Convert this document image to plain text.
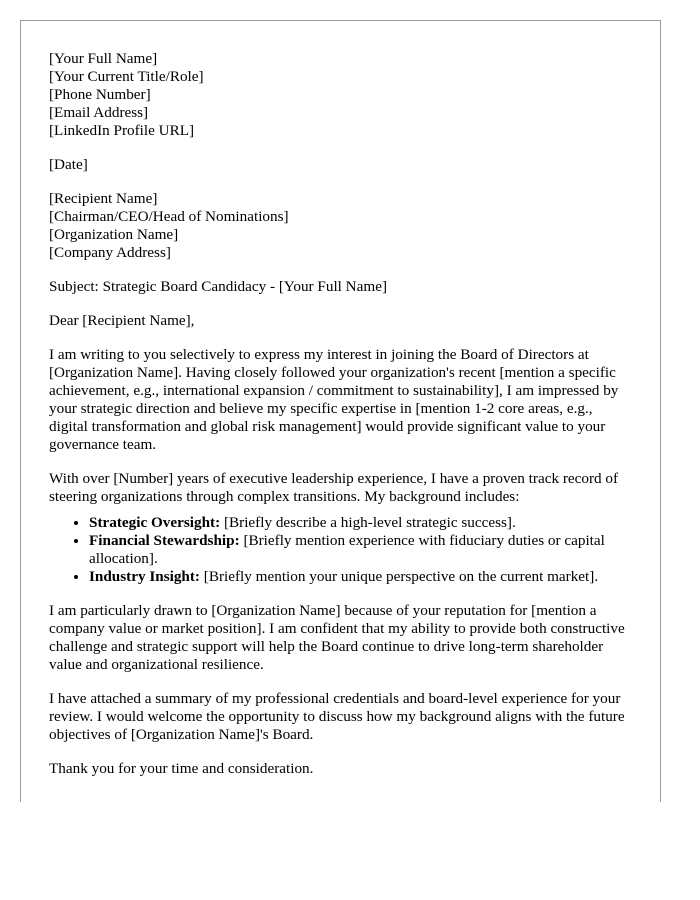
[Your Full Name]
[Your Current Title/Role]
[Phone Number]
[Email Address]
[LinkedIn Profile URL]

[Date]

[Recipient Name]
[Chairman/CEO/Head of Nominations]
[Organization Name]
[Company Address]

Subject: Strategic Board Candidacy - [Your Full Name]

Dear [Recipient Name],

I am writing to you selectively to express my interest in joining the Board of Directors at [Organization Name]. Having closely followed your organization's recent [mention a specific achievement, e.g., international expansion / commitment to sustainability], I am impressed by your strategic direction and believe my specific expertise in [mention 1-2 core areas, e.g., digital transformation and global risk management] would provide significant value to your governance team.

With over [Number] years of executive leadership experience, I have a proven track record of steering organizations through complex transitions. My background includes:

• Strategic Oversight: [Briefly describe a high-level strategic success].
• Financial Stewardship: [Briefly mention experience with fiduciary duties or capital allocation].
• Industry Insight: [Briefly mention your unique perspective on the current market].

I am particularly drawn to [Organization Name] because of your reputation for [mention a company value or market position]. I am confident that my ability to provide both constructive challenge and strategic support will help the Board continue to drive long-term shareholder value and organizational resilience.

I have attached a summary of my professional credentials and board-level experience for your review. I would welcome the opportunity to discuss how my background aligns with the future objectives of [Organization Name]'s Board.

Thank you for your time and consideration.
